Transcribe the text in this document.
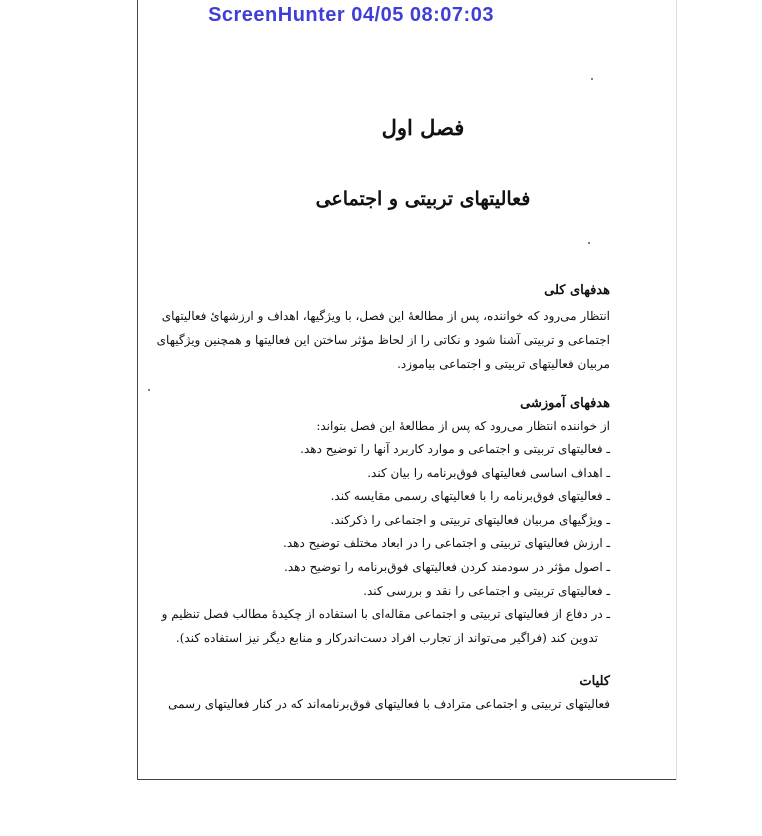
ScreenHunter 04/05 08:07:03
فصل اول
فعالیتهای تربیتی و اجتماعی
هدفهای کلی

انتظار می‌رود که خواننده، پس از مطالعهٔ این فصل، با ویژگیها، اهداف و ارزشهایٔ فعالیتهای

اجتماعی و تربیتی آشنا شود و نکاتی را از لحاظ مؤثر ساختن این فعالیتها و همچنین ویژگیهای

مربیان فعالیتهای تربیتی و اجتماعی بیاموزد.

هدفهای آموزشی

از خواننده انتظار می‌رود که پس از مطالعهٔ این فصل بتواند:

ـ فعالیتهای تربیتی و اجتماعی و موارد کاربرد آنها را توضیح دهد.
ـ اهداف اساسی فعالیتهای فوق‌برنامه را بیان کند.
ـ فعالیتهای فوق‌برنامه را با فعالیتهای رسمی مقایسه کند.
ـ ویژگیهای مربیان فعالیتهای تربیتی و اجتماعی را ذکرکند.
ـ ارزش فعالیتهای تربیتی و اجتماعی را در ابعاد مختلف توضیح دهد.
ـ اصول مؤثر در سودمند کردن فعالیتهای فوق‌برنامه را توضیح دهد.
ـ فعالیتهای تربیتی و اجتماعی را نقد و بررسی کند.
ـ در دفاع از فعالیتهای تربیتی و اجتماعی مقاله‌ای با استفاده از چکیدهٔ مطالب فصل تنظیم و
تدوین کند (فراگیر می‌تواند از تجارب افراد دست‌اندرکار و منابع دیگر نیز استفاده کند).
کلیات

فعالیتهای تربیتی و اجتماعی مترادف با فعالیتهای فوق‌برنامه‌اند که در کنار فعالیتهای رسمی
